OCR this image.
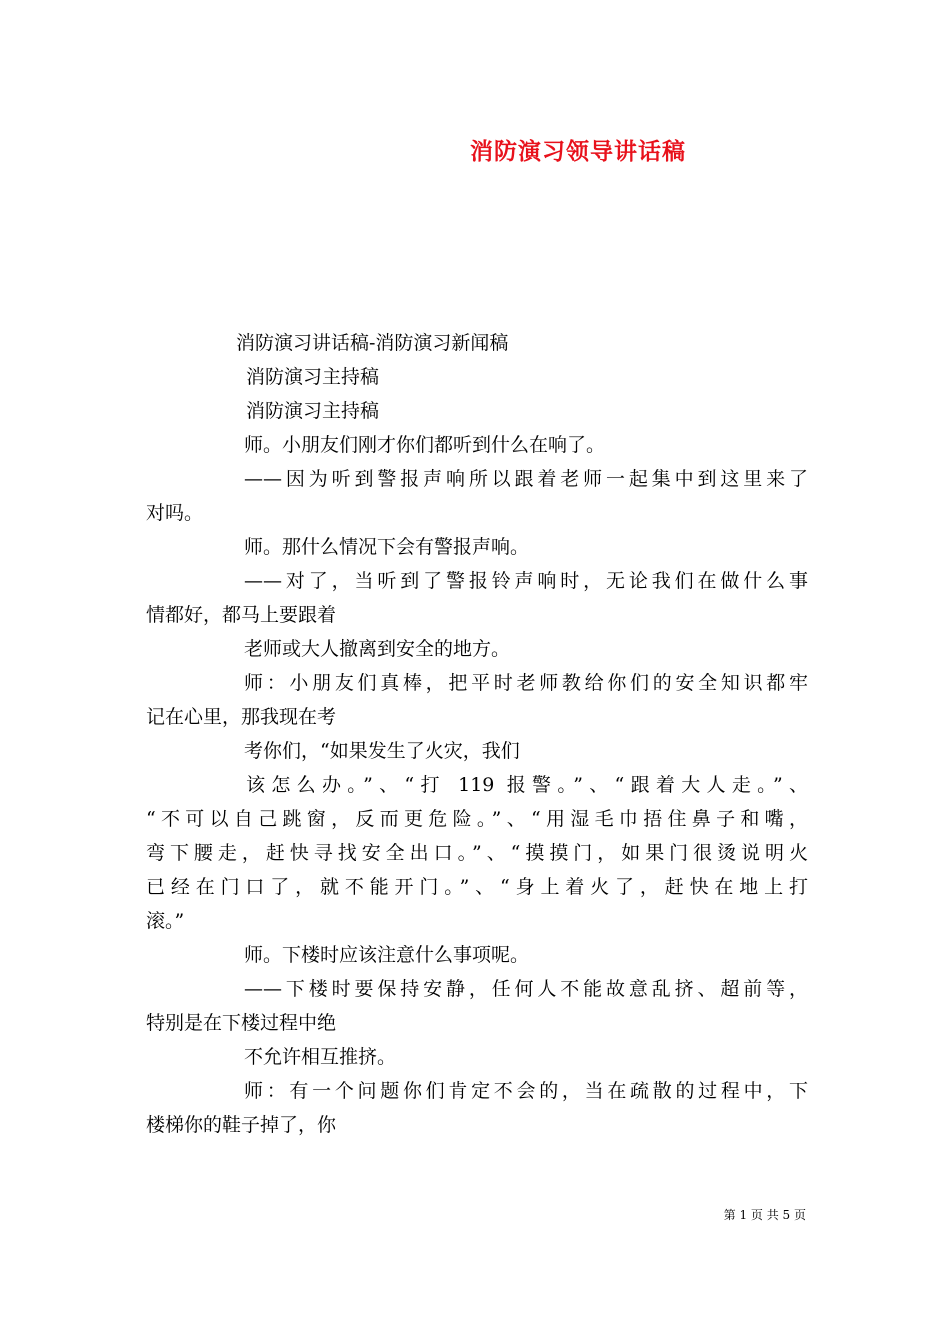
消防演习领导讲话稿
消防演习讲话稿-消防演习新闻稿
消防演习主持稿
消防演习主持稿
师。小朋友们刚才你们都听到什么在响了。
——因为听到警报声响所以跟着老师一起集中到这里来了
对吗。
师。那什么情况下会有警报声响。
——对了，当听到了警报铃声响时，无论我们在做什么事
情都好，都马上要跟着
老师或大人撤离到安全的地方。
师：小朋友们真棒，把平时老师教给你们的安全知识都牢
记在心里，那我现在考
考你们，“如果发生了火灾，我们
该怎么办。”、“打 119 报警。”、“跟着大人走。”、
“不可以自己跳窗，反而更危险。”、“用湿毛巾捂住鼻子和嘴，
弯下腰走，赶快寻找安全出口。”、“摸摸门，如果门很烫说明火
已经在门口了，就不能开门。”、“身上着火了，赶快在地上打
滚。”
师。下楼时应该注意什么事项呢。
——下楼时要保持安静，任何人不能故意乱挤、超前等，
特别是在下楼过程中绝
不允许相互推挤。
师：有一个问题你们肯定不会的，当在疏散的过程中，下
楼梯你的鞋子掉了，你
第 1 页 共 5 页
